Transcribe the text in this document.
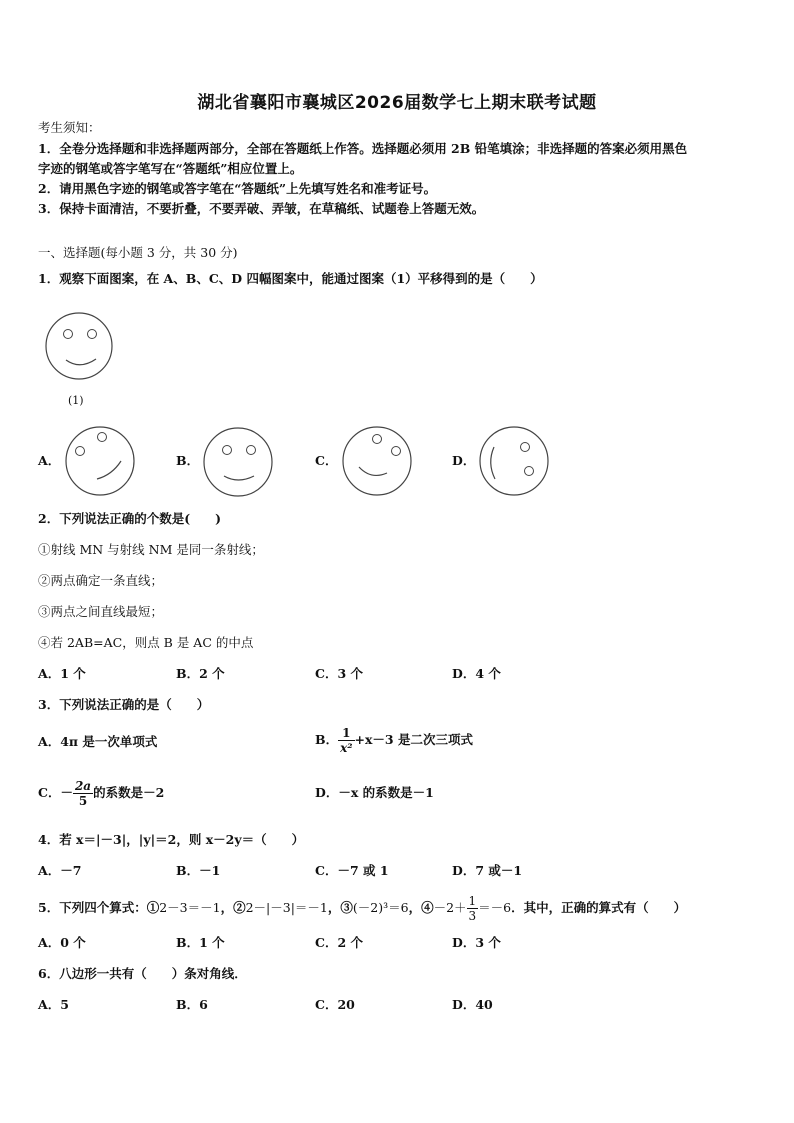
湖北省襄阳市襄城区2026届数学七上期末联考试题
考生须知：
1．全卷分选择题和非选择题两部分，全部在答题纸上作答。选择题必须用 2B 铅笔填涂；非选择题的答案必须用黑色
字迹的钢笔或答字笔写在“答题纸”相应位置上。
2．请用黑色字迹的钢笔或答字笔在“答题纸”上先填写姓名和准考证号。
3．保持卡面清洁，不要折叠，不要弄破、弄皱，在草稿纸、试题卷上答题无效。
一、选择题(每小题 3 分，共 30 分)
1．观察下面图案，在 A、B、C、D 四幅图案中，能通过图案（1）平移得到的是（　　）
(1)
A．	B．	C．	D．
2．下列说法正确的个数是(　　)
①射线 MN 与射线 NM 是同一条射线；
②两点确定一条直线；
③两点之间直线最短；
④若 2AB=AC，则点 B 是 AC 的中点
A．1 个	B．2 个	C．3 个	D．4 个
3．下列说法正确的是（　　）
A．4π 是一次单项式	B． $\frac{1}{\text{x²}} +x-3$ 是二次三项式
C．－ $\frac{2a}{5}$ 的系数是－2	D．－x 的系数是－1
4．若 x＝|－3|，|y|＝2，则 x－2y＝（　　）
A．－7	B．－1	C．－7 或 1	D．7 或－1
5．下列四个算式：①2－3＝－1，②2－|－3|＝－1，③(－2)³＝6，④－2＋ $\frac{1}{3} =-6$．其中，正确的算式有（　　）
A．0 个	B．1 个	C．2 个	D．3 个
6．八边形一共有（　　）条对角线．
A．5	B．6	C．20	D．40
